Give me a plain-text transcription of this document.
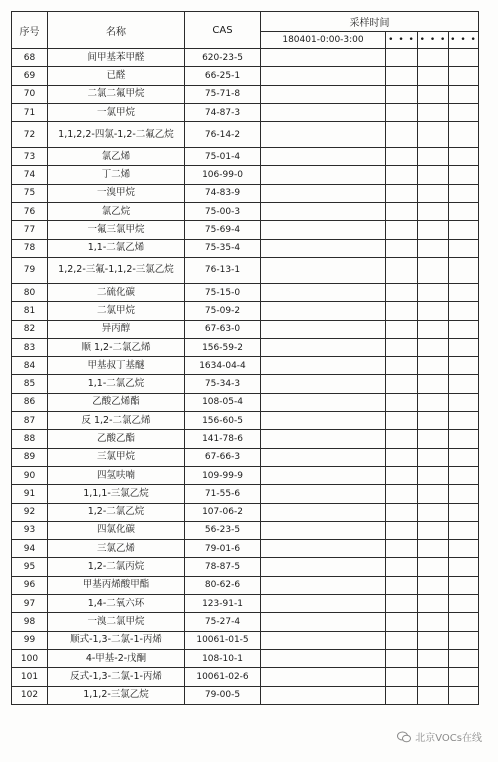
序号	名称	CAS	采样时间			
			180401-0:00-3:00	• • •	• • •	• • •
68	间甲基苯甲醛	620-23-5				
69	已醛	66-25-1				
70	二氯二氟甲烷	75-71-8				
71	一氯甲烷	74-87-3				
72	1,1,2,2-四氯-1,2-二氟乙烷	76-14-2				
73	氯乙烯	75-01-4				
74	丁二烯	106-99-0				
75	一溴甲烷	74-83-9				
76	氯乙烷	75-00-3				
77	一氟三氯甲烷	75-69-4				
78	1,1-二氯乙烯	75-35-4				
79	1,2,2-三氟-1,1,2-三氯乙烷	76-13-1				
80	二硫化碳	75-15-0				
81	二氯甲烷	75-09-2				
82	异丙醇	67-63-0				
83	顺 1,2-二氯乙烯	156-59-2				
84	甲基叔丁基醚	1634-04-4				
85	1,1-二氯乙烷	75-34-3				
86	乙酸乙烯酯	108-05-4				
87	反 1,2-二氯乙烯	156-60-5				
88	乙酸乙酯	141-78-6				
89	三氯甲烷	67-66-3				
90	四氢呋喃	109-99-9				
91	1,1,1-三氯乙烷	71-55-6				
92	1,2-二氯乙烷	107-06-2				
93	四氯化碳	56-23-5				
94	三氯乙烯	79-01-6				
95	1,2-二氯丙烷	78-87-5				
96	甲基丙烯酸甲酯	80-62-6				
97	1,4-二氧六环	123-91-1				
98	一溴二氯甲烷	75-27-4				
99	顺式-1,3-二氯-1-丙烯	10061-01-5				
100	4-甲基-2-戊酮	108-10-1				
101	反式-1,3-二氯-1-丙烯	10061-02-6				
102	1,1,2-三氯乙烷	79-00-5				
北京VOCs在线
